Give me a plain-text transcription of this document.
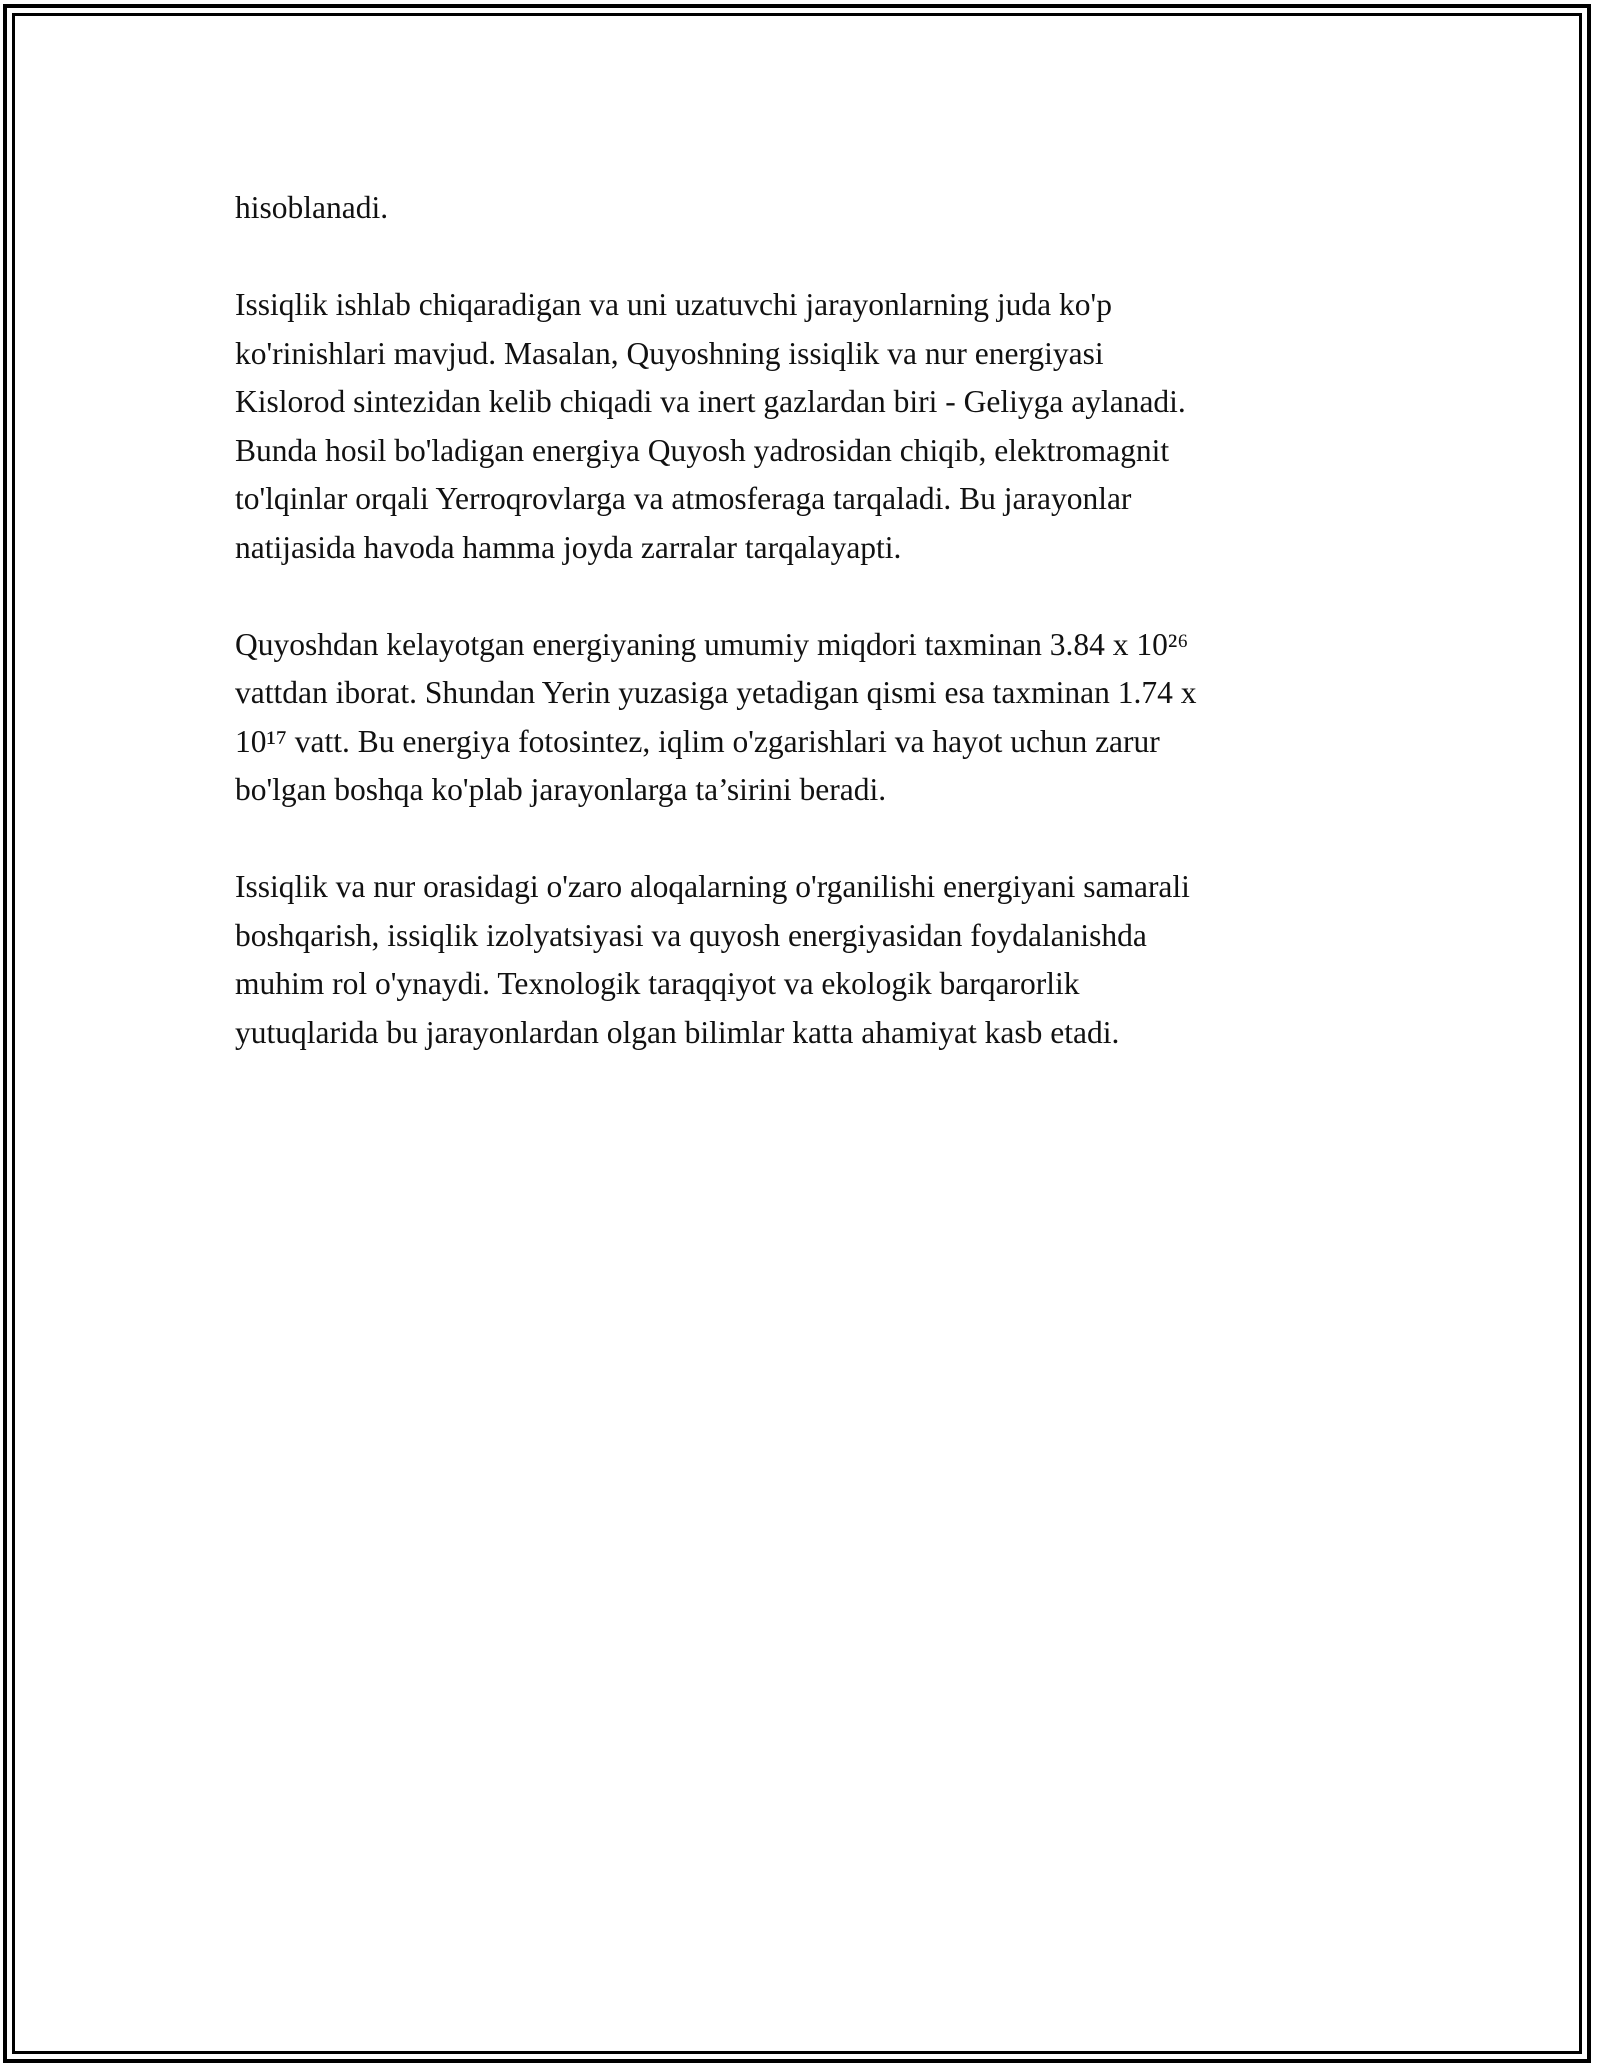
hisoblanadi.

Issiqlik ishlab chiqaradigan va uni uzatuvchi jarayonlarning juda ko'p
ko'rinishlari mavjud. Masalan, Quyoshning issiqlik va nur energiyasi
Kislorod sintezidan kelib chiqadi va inert gazlardan biri - Geliyga aylanadi.
Bunda hosil bo'ladigan energiya Quyosh yadrosidan chiqib, elektromagnit
to'lqinlar orqali Yerroqrovlarga va atmosferaga tarqaladi. Bu jarayonlar
natijasida havoda hamma joyda zarralar tarqalayapti.

Quyoshdan kelayotgan energiyaning umumiy miqdori taxminan 3.84 x 10²⁶
vattdan iborat. Shundan Yerin yuzasiga yetadigan qismi esa taxminan 1.74 x
10¹⁷ vatt. Bu energiya fotosintez, iqlim o'zgarishlari va hayot uchun zarur
bo'lgan boshqa ko'plab jarayonlarga ta’sirini beradi.

Issiqlik va nur orasidagi o'zaro aloqalarning o'rganilishi energiyani samarali
boshqarish, issiqlik izolyatsiyasi va quyosh energiyasidan foydalanishda
muhim rol o'ynaydi. Texnologik taraqqiyot va ekologik barqarorlik
yutuqlarida bu jarayonlardan olgan bilimlar katta ahamiyat kasb etadi.
